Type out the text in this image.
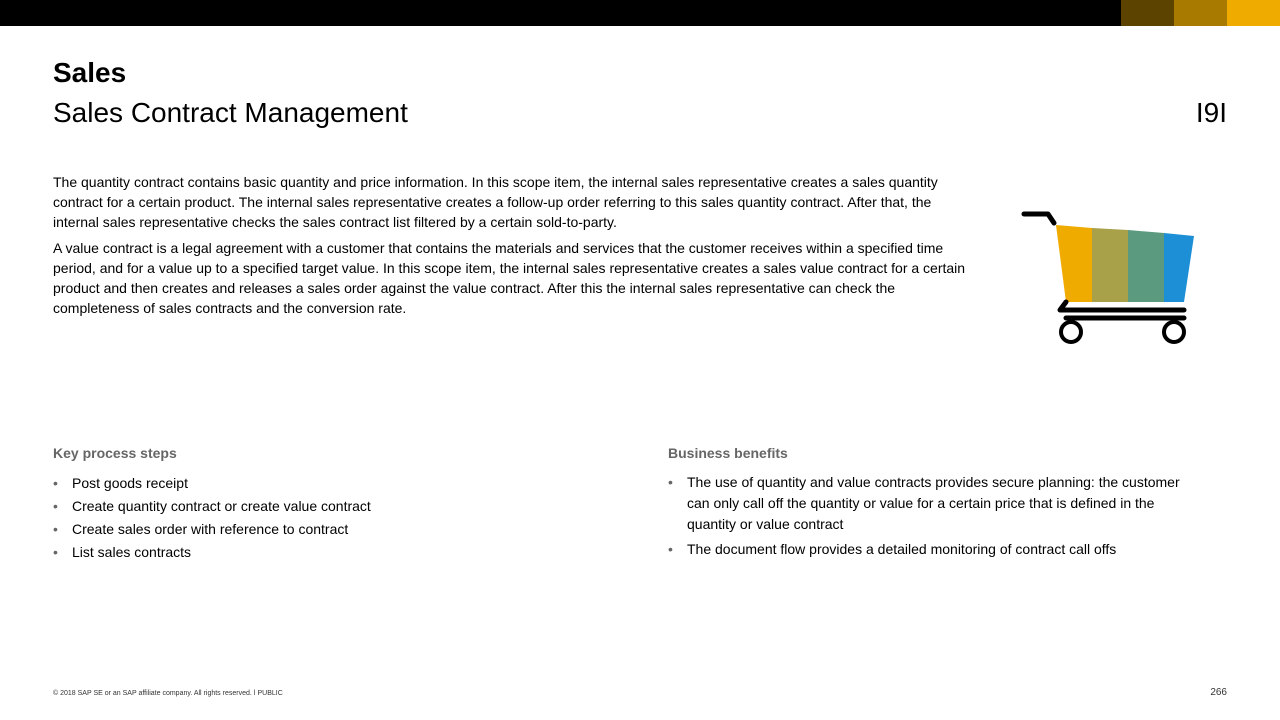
Sales
Sales Contract Management	I9I

The quantity contract contains basic quantity and price information. In this scope item, the internal sales representative creates a sales quantity contract for a certain product. The internal sales representative creates a follow-up order referring to this sales quantity contract. After that, the internal sales representative checks the sales contract list filtered by a certain sold-to-party.

A value contract is a legal agreement with a customer that contains the materials and services that the customer receives within a specified time period, and for a value up to a specified target value. In this scope item, the internal sales representative creates a sales value contract for a certain product and then creates and releases a sales order against the value contract. After this the internal sales representative can check the completeness of sales contracts and the conversion rate.

Key process steps
• Post goods receipt
• Create quantity contract or create value contract
• Create sales order with reference to contract
• List sales contracts
Business benefits
• The use of quantity and value contracts provides secure planning: the customer can only call off the quantity or value for a certain price that is defined in the quantity or value contract
• The document flow provides a detailed monitoring of contract call offs
© 2018 SAP SE or an SAP affiliate company. All rights reserved. ǀ PUBLIC	266
